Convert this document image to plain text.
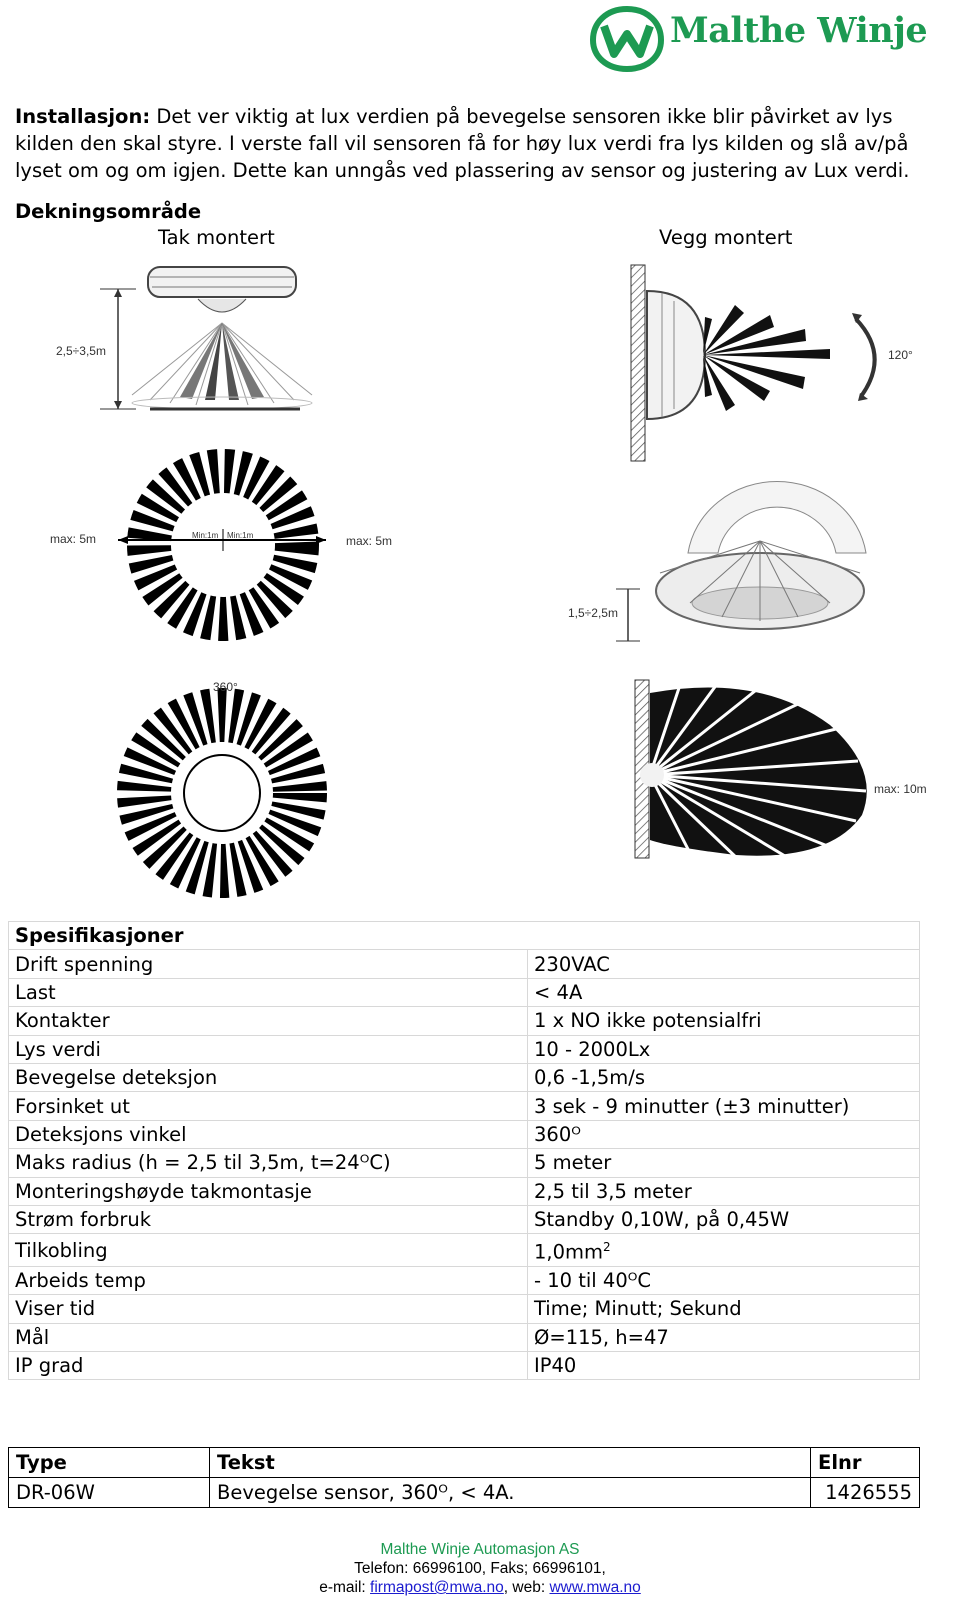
Malthe Winje
Installasjon: Det ver viktig at lux verdien på bevegelse sensoren ikke blir påvirket av lys kilden den skal styre. I verste fall vil sensoren få for høy lux verdi fra lys kilden og slå av/på lyset om og om igjen. Dette kan unngås ved plassering av sensor og justering av Lux verdi.
Dekningsområde
Tak montert	Vegg montert
2,5÷3,5m	120°
max: 5m	max: 5m
Min:1m Min:1m
1,5÷2,5m
360°
max: 10m
Spesifikasjoner	
Drift spenning	230VAC
Last	< 4A
Kontakter	1 x NO ikke potensialfri
Lys verdi	10 - 2000Lx
Bevegelse deteksjon	0,6 -1,5m/s
Forsinket ut	3 sek - 9 minutter (±3 minutter)
Deteksjons vinkel	360ᴼ
Maks radius (h = 2,5 til 3,5m, t=24ᴼC)	5 meter
Monteringshøyde takmontasje	2,5 til 3,5 meter
Strøm forbruk	Standby 0,10W, på 0,45W
Tilkobling	$1,0mm^2$
Arbeids temp	- 10 til 40ᴼC
Viser tid	Time; Minutt; Sekund
Mål	Ø=115, h=47
IP grad	IP40
Type	Tekst	Elnr
DR-06W	Bevegelse sensor, 360ᴼ, < 4A.	1426555
Malthe Winje Automasjon AS
Telefon: 66996100, Faks; 66996101,
e-mail: firmapost@mwa.no, web: www.mwa.no
